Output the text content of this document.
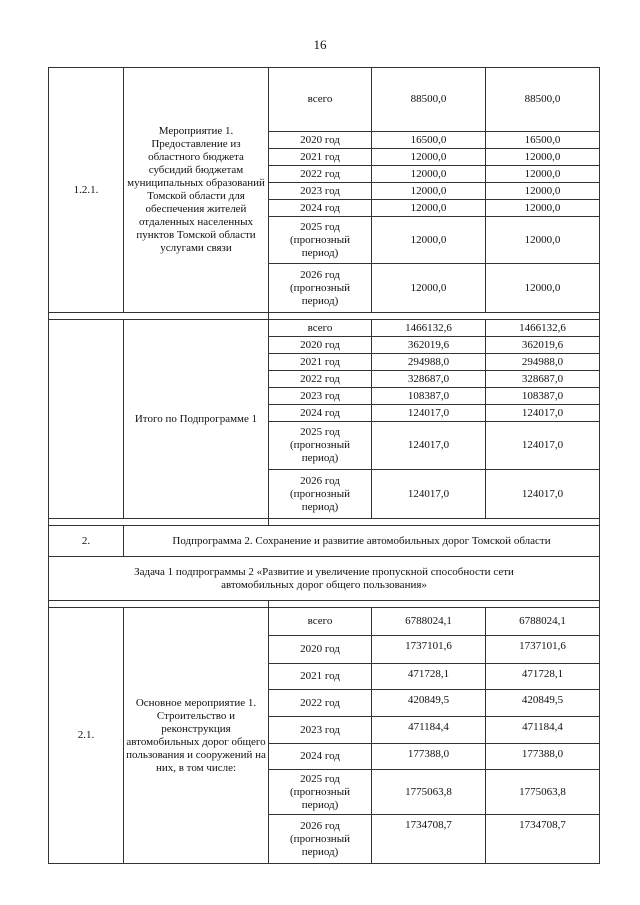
16
1.2.1.	Мероприятие 1. Предоставление из областного бюджета субсидий бюджетам муниципальных образований Томской области для обеспечения жителей отдаленных населенных пунктов Томской области услугами связи	всего	88500,0	88500,0
		2020 год	16500,0	16500,0
		2021 год	12000,0	12000,0
		2022 год	12000,0	12000,0
		2023 год	12000,0	12000,0
		2024 год	12000,0	12000,0
		2025 год (прогнозный период)	12000,0	12000,0
		2026 год (прогнозный период)	12000,0	12000,0

	Итого по Подпрограмме 1	всего	1466132,6	1466132,6
		2020 год	362019,6	362019,6
		2021 год	294988,0	294988,0
		2022 год	328687,0	328687,0
		2023 год	108387,0	108387,0
		2024 год	124017,0	124017,0
		2025 год (прогнозный период)	124017,0	124017,0
		2026 год (прогнозный период)	124017,0	124017,0

2.	Подпрограмма 2. Сохранение и развитие автомобильных дорог Томской области			
Задача 1 подпрограммы 2 «Развитие и увеличение пропускной способности сети автомобильных дорог общего пользования»				

2.1.	Основное мероприятие 1. Строительство и реконструкция автомобильных дорог общего пользования и сооружений на них, в том числе:	всего	6788024,1	6788024,1
		2020 год	1737101,6	1737101,6
		2021 год	471728,1	471728,1
		2022 год	420849,5	420849,5
		2023 год	471184,4	471184,4
		2024 год	177388,0	177388,0
		2025 год (прогнозный период)	1775063,8	1775063,8
		2026 год (прогнозный период)	1734708,7	1734708,7
